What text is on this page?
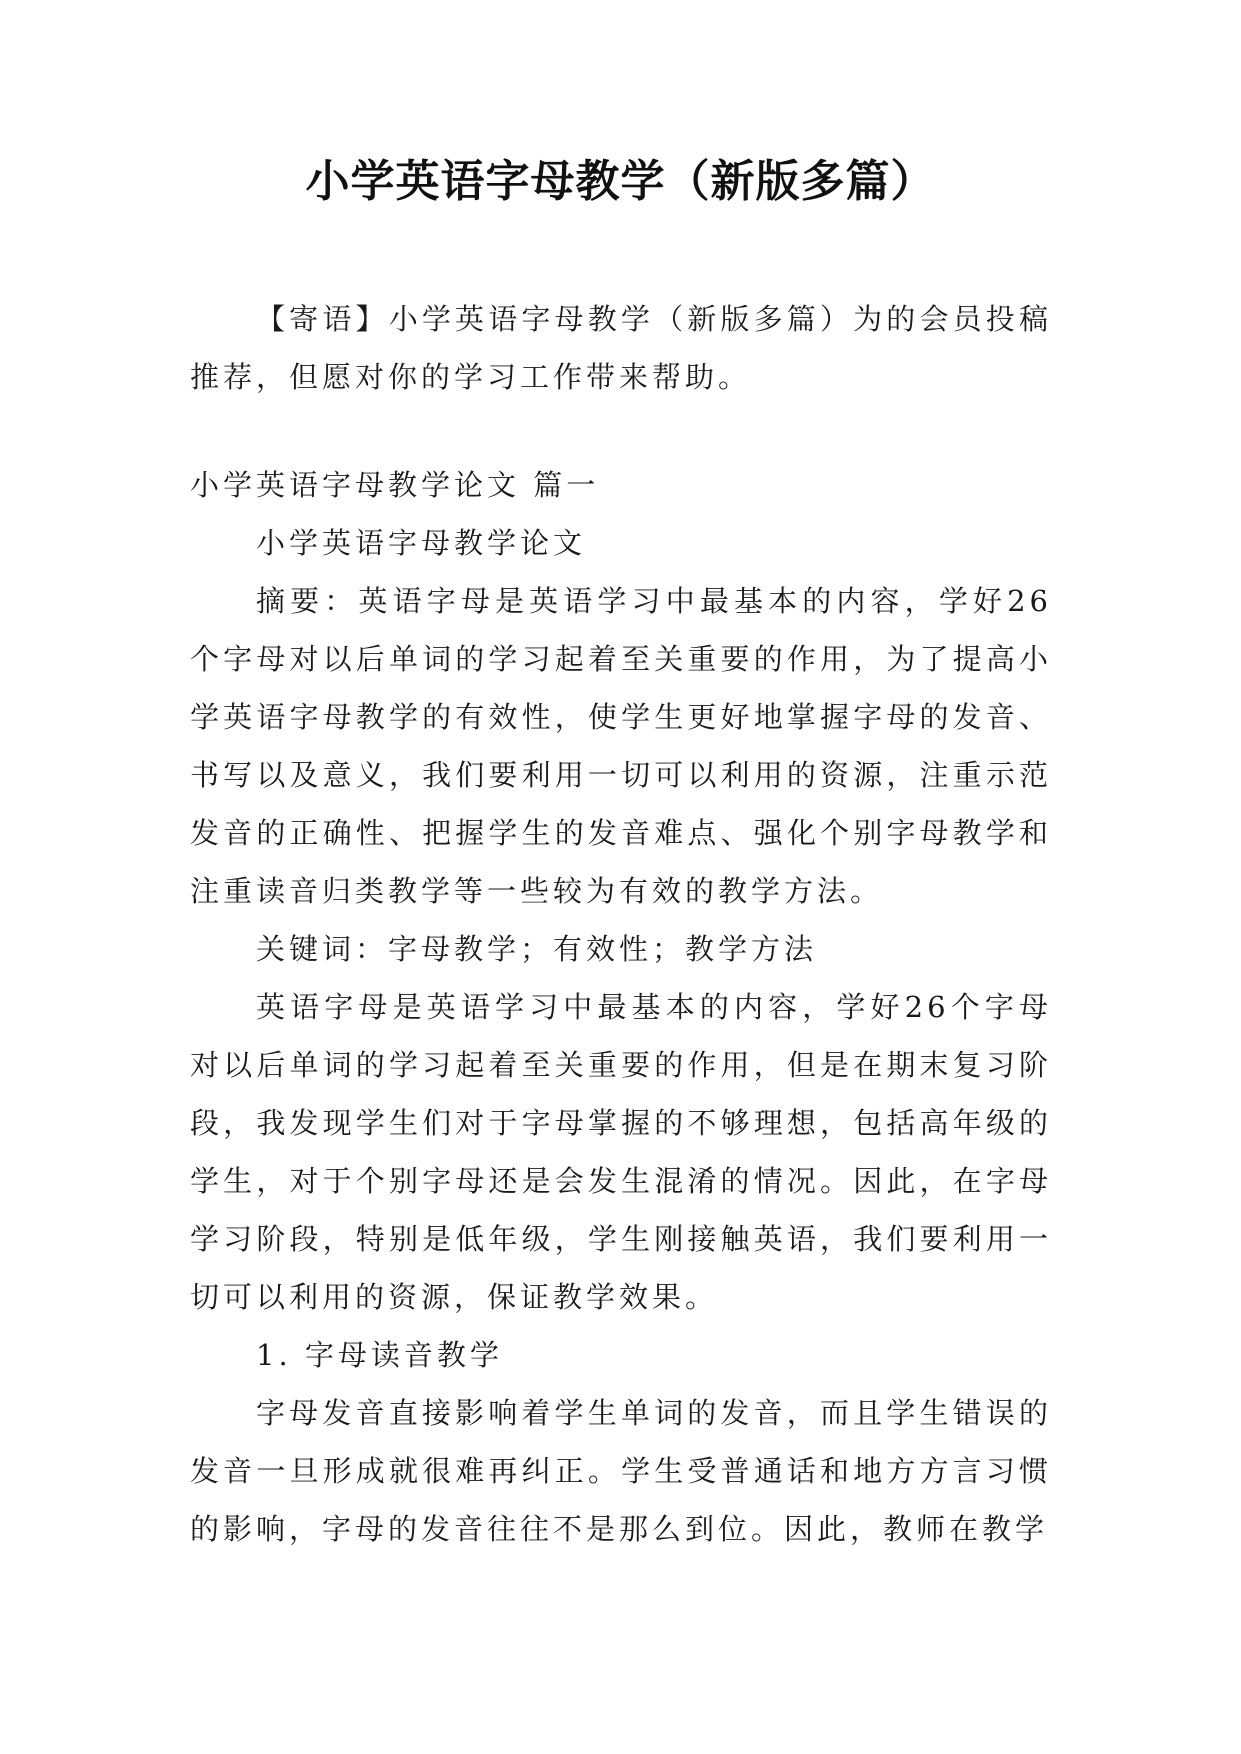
小学英语字母教学（新版多篇）

【寄语】小学英语字母教学（新版多篇）为的会员投稿推荐，但愿对你的学习工作带来帮助。

小学英语字母教学论文 篇一

小学英语字母教学论文

摘要：英语字母是英语学习中最基本的内容，学好26个字母对以后单词的学习起着至关重要的作用，为了提高小学英语字母教学的有效性，使学生更好地掌握字母的发音、书写以及意义，我们要利用一切可以利用的资源，注重示范发音的正确性、把握学生的发音难点、强化个别字母教学和注重读音归类教学等一些较为有效的教学方法。

关键词：字母教学；有效性；教学方法

英语字母是英语学习中最基本的内容，学好26个字母对以后单词的学习起着至关重要的作用，但是在期末复习阶段，我发现学生们对于字母掌握的不够理想，包括高年级的学生，对于个别字母还是会发生混淆的情况。因此，在字母学习阶段，特别是低年级，学生刚接触英语，我们要利用一切可以利用的资源，保证教学效果。

1. 字母读音教学

字母发音直接影响着学生单词的发音，而且学生错误的发音一旦形成就很难再纠正。学生受普通话和地方方言习惯的影响，字母的发音往往不是那么到位。因此，教师在教学
